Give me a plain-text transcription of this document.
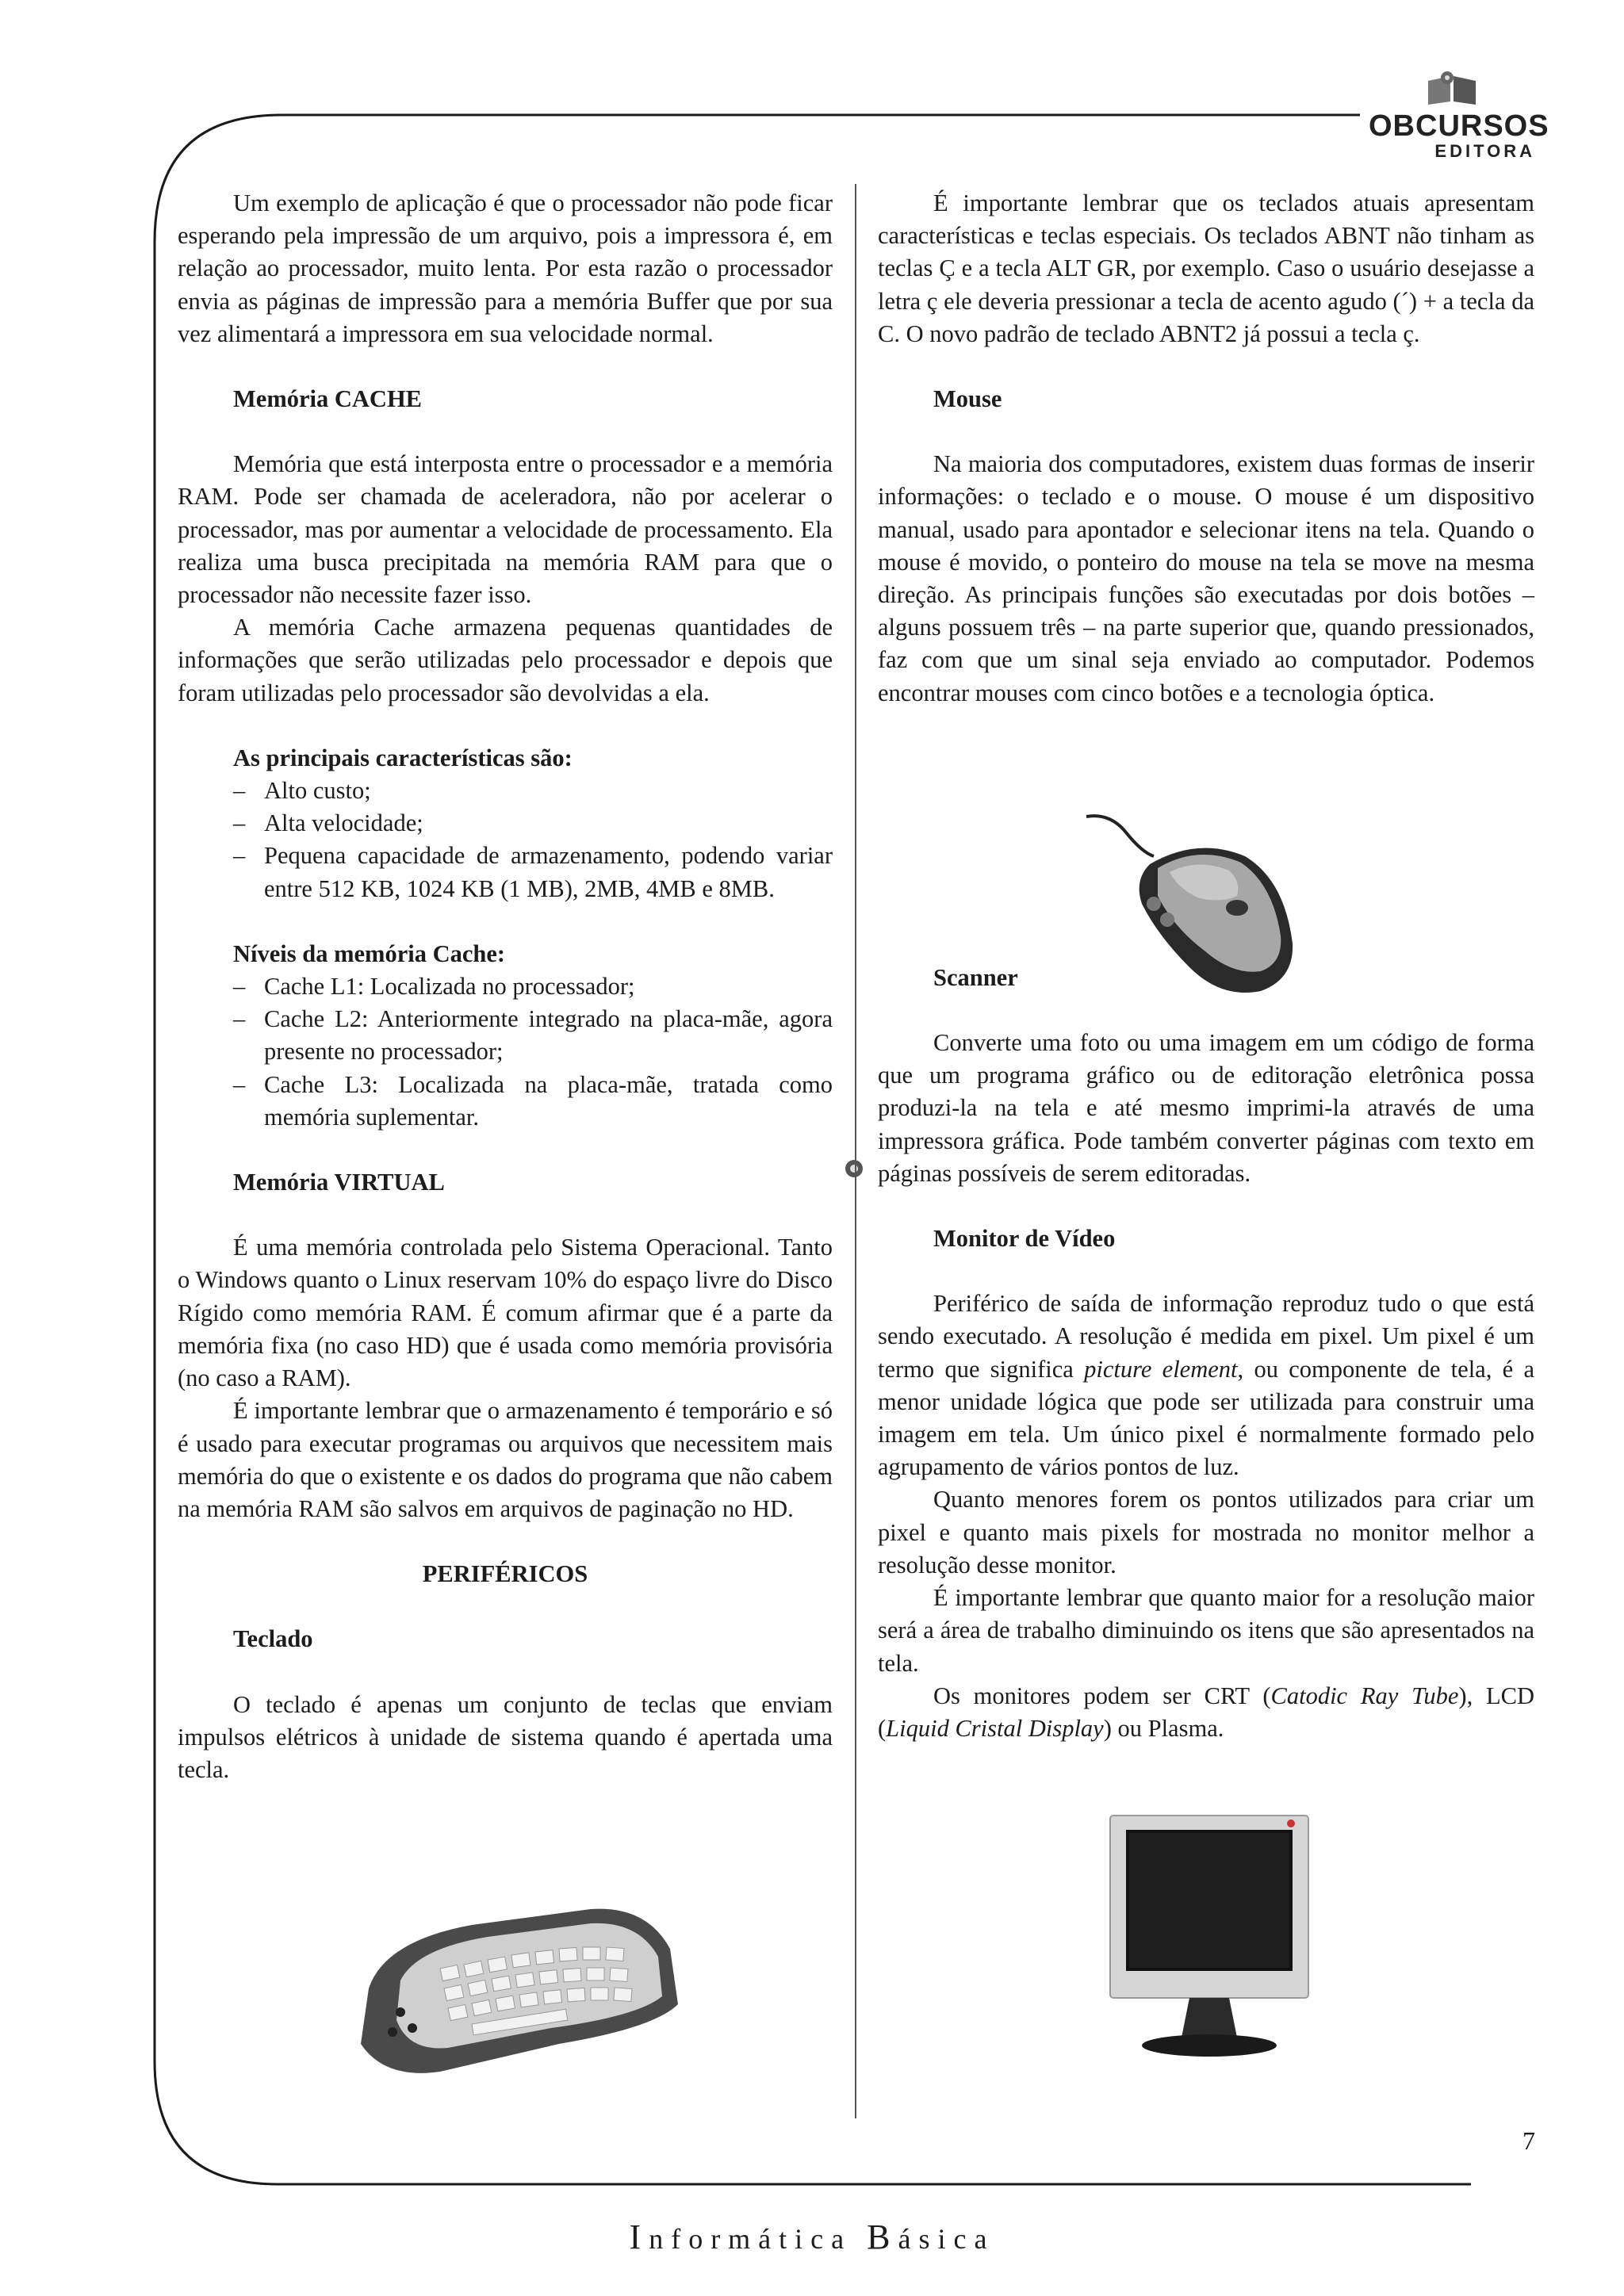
OBCURSOS
EDITORA

Um exemplo de aplicação é que o processador não pode ficar esperando pela impressão de um arquivo, pois a impressora é, em relação ao processador, muito lenta. Por esta razão o processador envia as páginas de impressão para a memória Buffer que por sua vez alimentará a impressora em sua velocidade normal.

Memória CACHE

Memória que está interposta entre o processador e a memória RAM. Pode ser chamada de aceleradora, não por acelerar o processador, mas por aumentar a velocidade de processamento. Ela realiza uma busca precipitada na memória RAM para que o processador não necessite fazer isso.

A memória Cache armazena pequenas quantidades de informações que serão utilizadas pelo processador e depois que foram utilizadas pelo processador são devolvidas a ela.

As principais características são:
– Alto custo;
– Alta velocidade;
– Pequena capacidade de armazenamento, podendo variar entre 512 KB, 1024 KB (1 MB), 2MB, 4MB e 8MB.
Níveis da memória Cache:
– Cache L1: Localizada no processador;
– Cache L2: Anteriormente integrado na placa-mãe, agora presente no processador;
– Cache L3: Localizada na placa-mãe, tratada como memória suplementar.
Memória VIRTUAL

É uma memória controlada pelo Sistema Operacional. Tanto o Windows quanto o Linux reservam 10% do espaço livre do Disco Rígido como memória RAM. É comum afirmar que é a parte da memória fixa (no caso HD) que é usada como memória provisória (no caso a RAM).

É importante lembrar que o armazenamento é temporário e só é usado para executar programas ou arquivos que necessitem mais memória do que o existente e os dados do programa que não cabem na memória RAM são salvos em arquivos de paginação no HD.

PERIFÉRICOS
Teclado

O teclado é apenas um conjunto de teclas que enviam impulsos elétricos à unidade de sistema quando é apertada uma tecla.

É importante lembrar que os teclados atuais apresentam características e teclas especiais. Os teclados ABNT não tinham as teclas Ç e a tecla ALT GR, por exemplo. Caso o usuário desejasse a letra ç ele deveria pressionar a tecla de acento agudo (´) + a tecla da C. O novo padrão de teclado ABNT2 já possui a tecla ç.

Mouse

Na maioria dos computadores, existem duas formas de inserir informações: o teclado e o mouse. O mouse é um dispositivo manual, usado para apontador e selecionar itens na tela. Quando o mouse é movido, o ponteiro do mouse na tela se move na mesma direção. As principais funções são executadas por dois botões – alguns possuem três – na parte superior que, quando pressionados, faz com que um sinal seja enviado ao computador. Podemos encontrar mouses com cinco botões e a tecnologia óptica.

Scanner

Converte uma foto ou uma imagem em um código de forma que um programa gráfico ou de editoração eletrônica possa produzi-la na tela e até mesmo imprimi-la através de uma impressora gráfica. Pode também converter páginas com texto em páginas possíveis de serem editoradas.

Monitor de Vídeo

Periférico de saída de informação reproduz tudo o que está sendo executado. A resolução é medida em pixel. Um pixel é um termo que significa picture element, ou componente de tela, é a menor unidade lógica que pode ser utilizada para construir uma imagem em tela. Um único pixel é normalmente formado pelo agrupamento de vários pontos de luz.

Quanto menores forem os pontos utilizados para criar um pixel e quanto mais pixels for mostrada no monitor melhor a resolução desse monitor.

É importante lembrar que quanto maior for a resolução maior será a área de trabalho diminuindo os itens que são apresentados na tela.

Os monitores podem ser CRT (Catodic Ray Tube), LCD (Liquid Cristal Display) ou Plasma.

7
Informática Básica
